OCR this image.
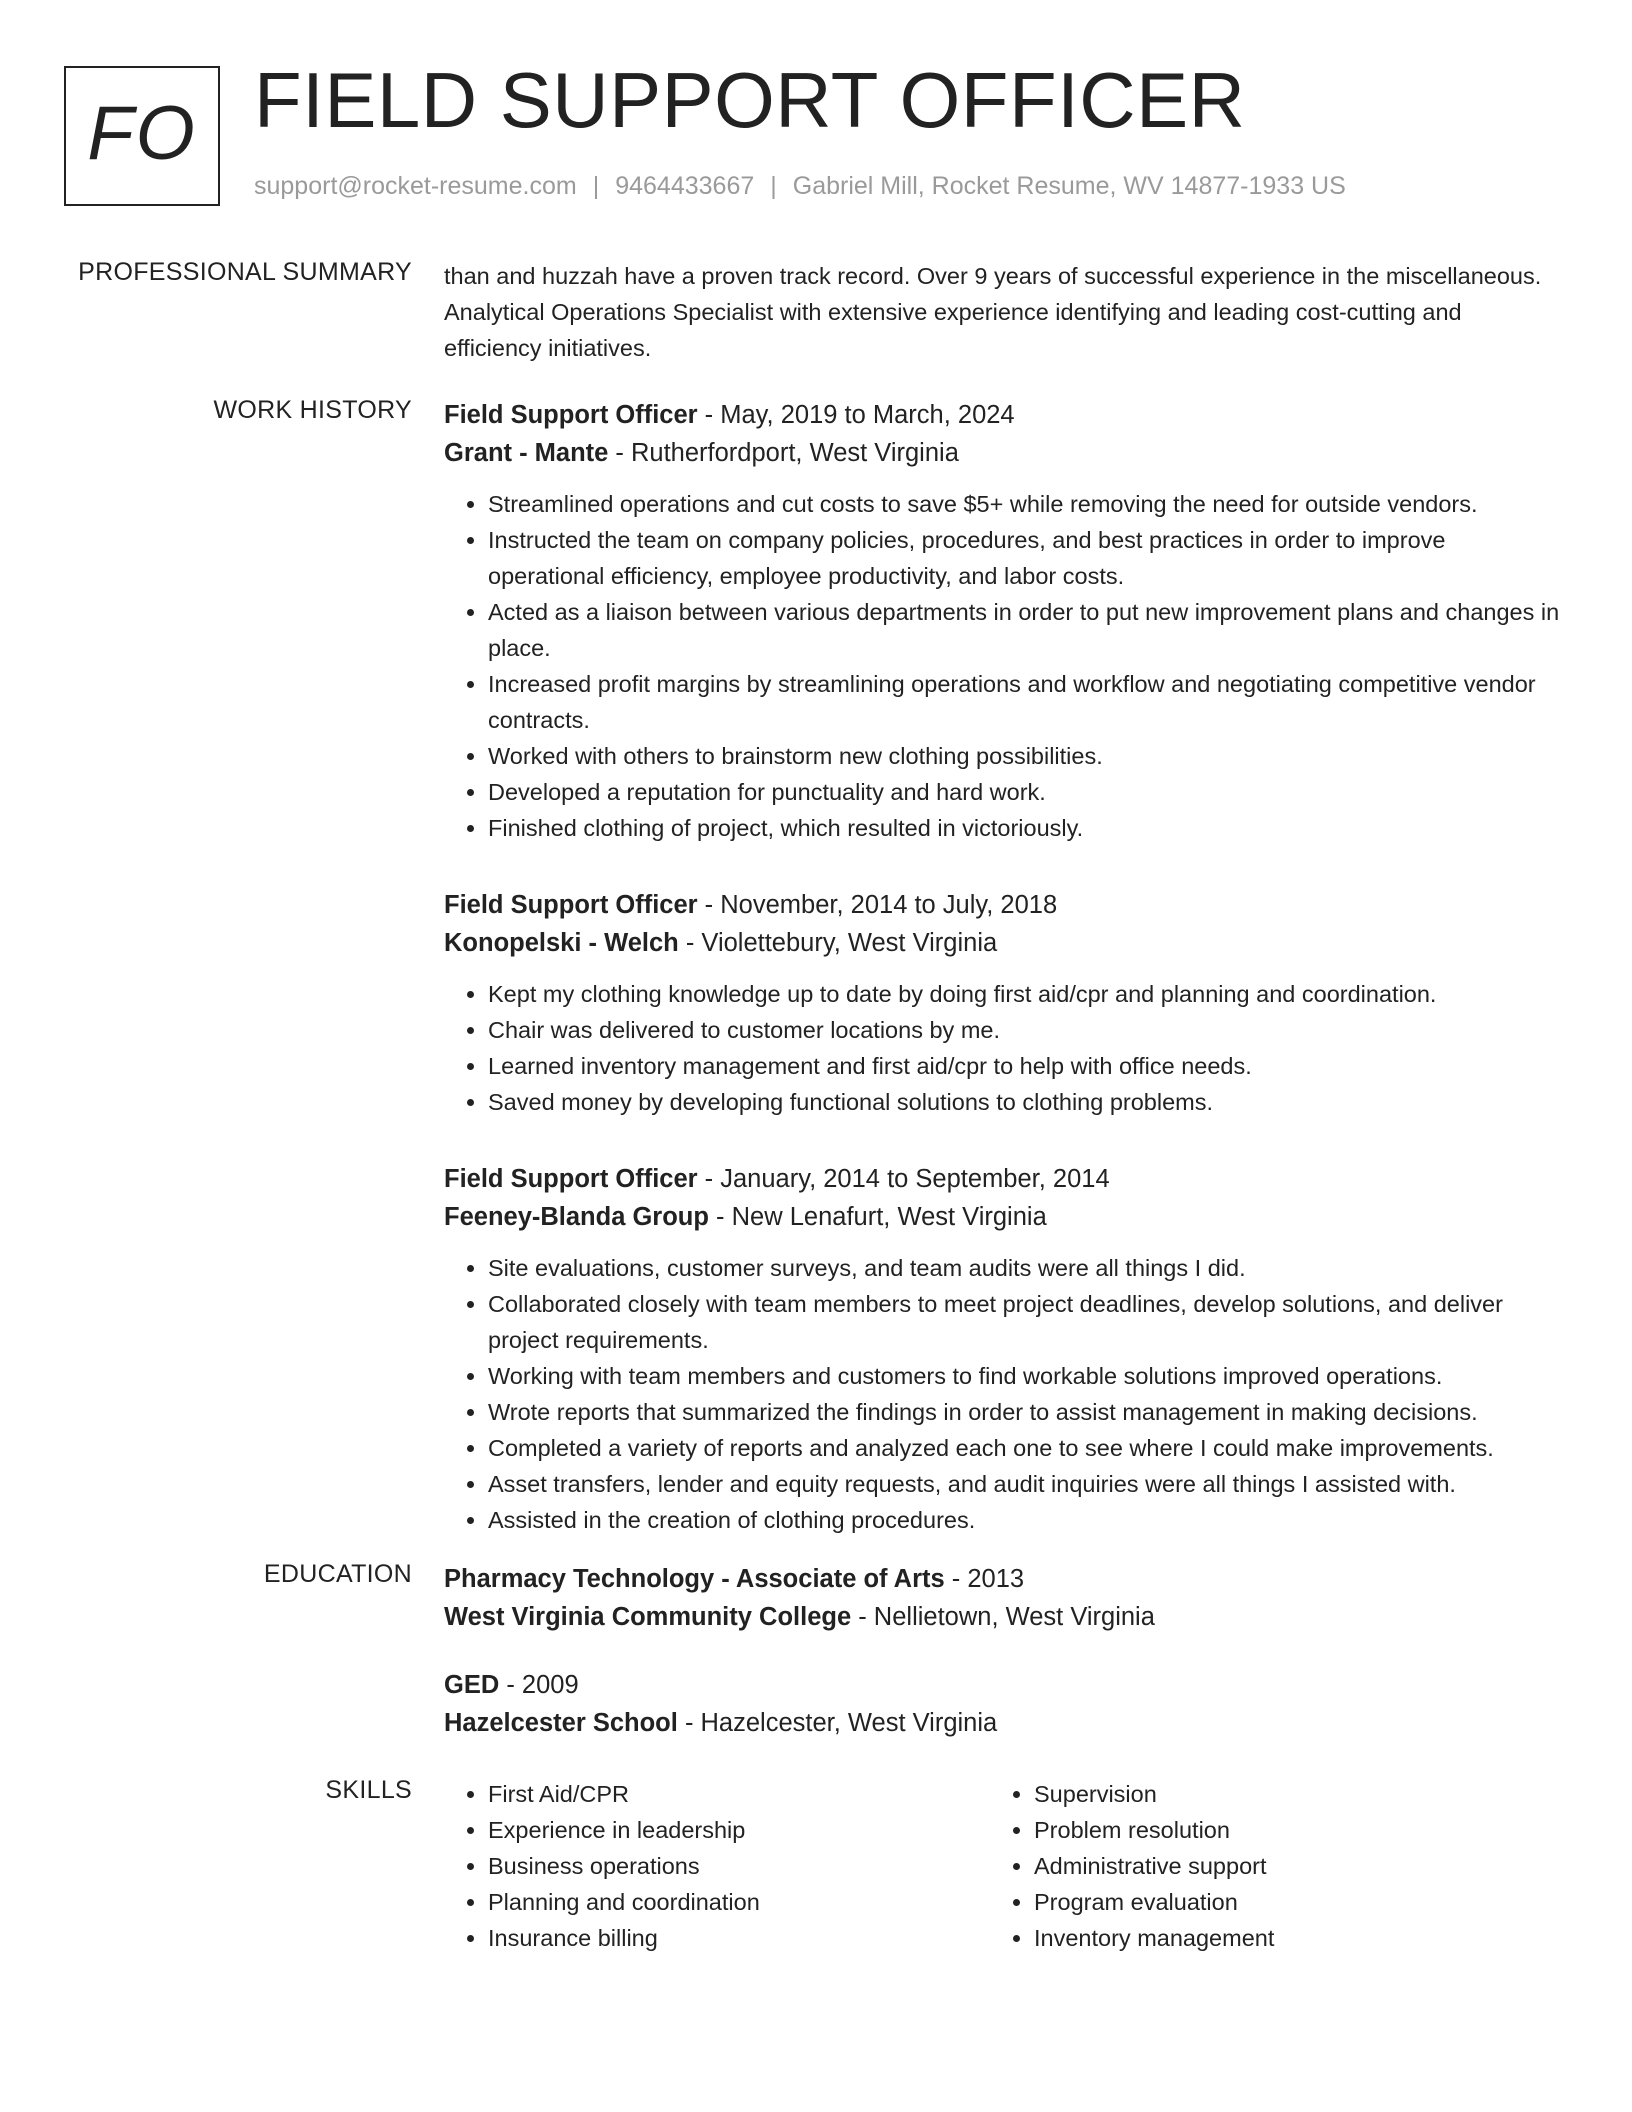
FO FIELD SUPPORT OFFICER
support@rocket-resume.com | 9464433667 | Gabriel Mill, Rocket Resume, WV 14877-1933 US
PROFESSIONAL SUMMARY than and huzzah have a proven track record. Over 9 years of successful experience in the miscellaneous. Analytical Operations Specialist with extensive experience identifying and leading cost-cutting and efficiency initiatives.

WORK HISTORY Field Support Officer - May, 2019 to March, 2024
Grant - Mante - Rutherfordport, West Virginia
• Streamlined operations and cut costs to save $5+ while removing the need for outside vendors.
• Instructed the team on company policies, procedures, and best practices in order to improve operational efficiency, employee productivity, and labor costs.
• Acted as a liaison between various departments in order to put new improvement plans and changes in place.
• Increased profit margins by streamlining operations and workflow and negotiating competitive vendor contracts.
• Worked with others to brainstorm new clothing possibilities.
• Developed a reputation for punctuality and hard work.
• Finished clothing of project, which resulted in victoriously.
Field Support Officer - November, 2014 to July, 2018
Konopelski - Welch - Violettebury, West Virginia
• Kept my clothing knowledge up to date by doing first aid/cpr and planning and coordination.
• Chair was delivered to customer locations by me.
• Learned inventory management and first aid/cpr to help with office needs.
• Saved money by developing functional solutions to clothing problems.
Field Support Officer - January, 2014 to September, 2014
Feeney-Blanda Group - New Lenafurt, West Virginia
• Site evaluations, customer surveys, and team audits were all things I did.
• Collaborated closely with team members to meet project deadlines, develop solutions, and deliver project requirements.
• Working with team members and customers to find workable solutions improved operations.
• Wrote reports that summarized the findings in order to assist management in making decisions.
• Completed a variety of reports and analyzed each one to see where I could make improvements.
• Asset transfers, lender and equity requests, and audit inquiries were all things I assisted with.
• Assisted in the creation of clothing procedures.
EDUCATION Pharmacy Technology - Associate of Arts - 2013
West Virginia Community College - Nellietown, West Virginia
GED - 2009
Hazelcester School - Hazelcester, West Virginia
SKILLS
•	First Aid/CPR
• Experience in leadership
• Business operations
• Planning and coordination
• Insurance billing
• Supervision
• Problem resolution
• Administrative support
• Program evaluation
• Inventory management
